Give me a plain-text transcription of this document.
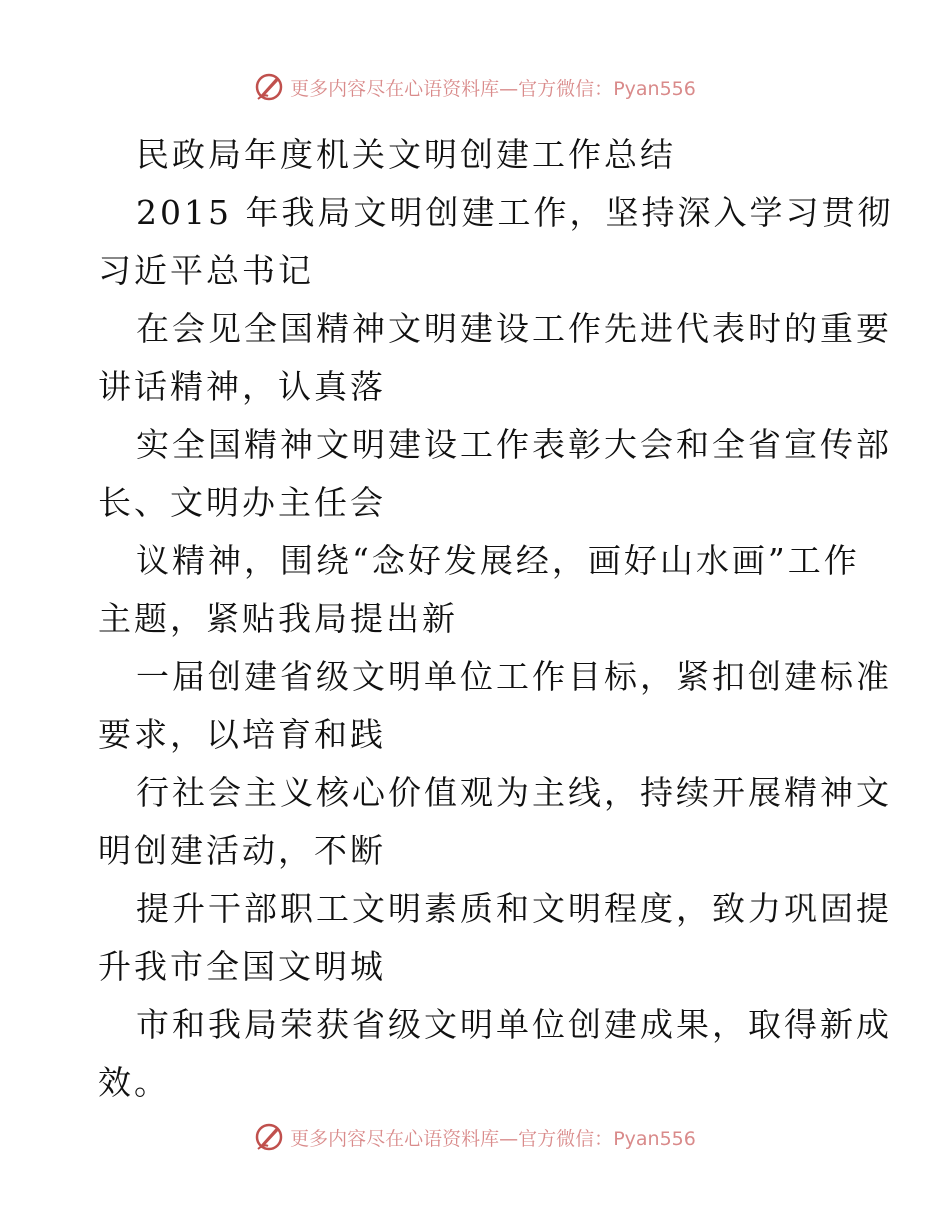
更多内容尽在心语资料库—官方微信：Pyan556
民政局年度机关文明创建工作总结
2015 年我局文明创建工作，坚持深入学习贯彻
习近平总书记
在会见全国精神文明建设工作先进代表时的重要
讲话精神，认真落
实全国精神文明建设工作表彰大会和全省宣传部
长、文明办主任会
议精神，围绕“念好发展经，画好山水画”工作
主题，紧贴我局提出新
一届创建省级文明单位工作目标，紧扣创建标准
要求，以培育和践
行社会主义核心价值观为主线，持续开展精神文
明创建活动，不断
提升干部职工文明素质和文明程度，致力巩固提
升我市全国文明城
市和我局荣获省级文明单位创建成果，取得新成
效。
更多内容尽在心语资料库—官方微信：Pyan556
